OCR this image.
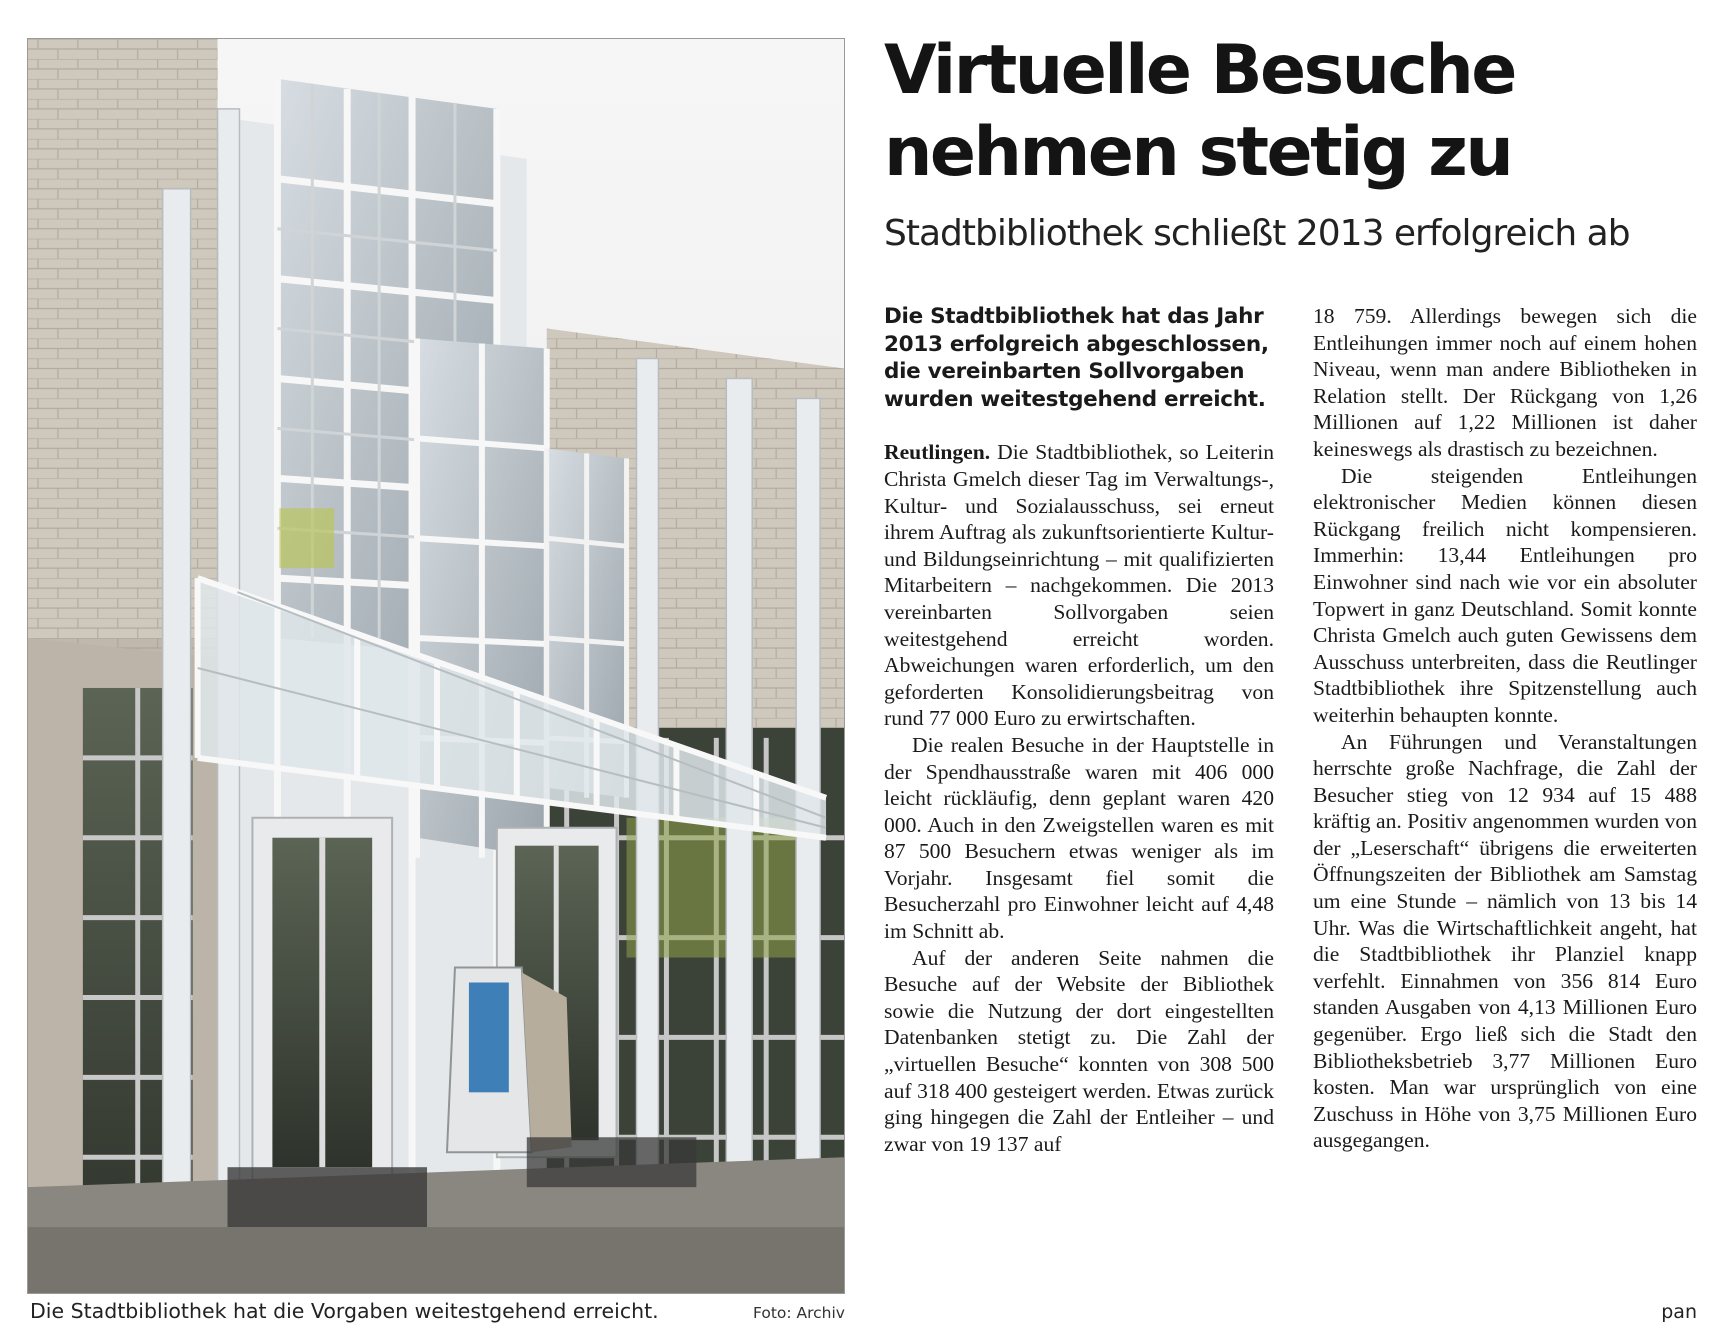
Die Stadtbibliothek hat die Vorgaben weitestgehend erreicht.	Foto: Archiv
Virtuelle Besuche
nehmen stetig zu
Stadtbibliothek schließt 2013 erfolgreich ab

Die Stadtbibliothek hat das Jahr 2013 erfolgreich abgeschlossen, die vereinbarten Sollvorgaben wurden weitestgehend erreicht.

Reutlingen. Die Stadtbibliothek, so Leiterin Christa Gmelch dieser Tag im Verwaltungs-, Kultur- und Sozialausschuss, sei erneut ihrem Auftrag als zukunftsorientierte Kultur- und Bildungseinrichtung – mit qualifizierten Mitarbeitern – nachgekommen. Die 2013 vereinbarten Sollvorgaben seien weitestgehend erreicht worden. Abweichungen waren erforderlich, um den geforderten Konsolidierungsbeitrag von rund 77 000 Euro zu erwirtschaften.

Die realen Besuche in der Hauptstelle in der Spendhausstraße waren mit 406 000 leicht rückläufig, denn geplant waren 420 000. Auch in den Zweigstellen waren es mit 87 500 Besuchern etwas weniger als im Vorjahr. Insgesamt fiel somit die Besucherzahl pro Einwohner leicht auf 4,48 im Schnitt ab.

Auf der anderen Seite nahmen die Besuche auf der Website der Bibliothek sowie die Nutzung der dort eingestellten Datenbanken stetigt zu. Die Zahl der „virtuellen Besuche“ konnten von 308 500 auf 318 400 gesteigert werden. Etwas zurück ging hingegen die Zahl der Entleiher – und zwar von 19 137 auf

18 759. Allerdings bewegen sich die Entleihungen immer noch auf einem hohen Niveau, wenn man andere Bibliotheken in Relation stellt. Der Rückgang von 1,26 Millionen auf 1,22 Millionen ist daher keineswegs als drastisch zu bezeichnen.

Die steigenden Entleihungen elektronischer Medien können diesen Rückgang freilich nicht kompensieren. Immerhin: 13,44 Entleihungen pro Einwohner sind nach wie vor ein absoluter Topwert in ganz Deutschland. Somit konnte Christa Gmelch auch guten Gewissens dem Ausschuss unterbreiten, dass die Reutlinger Stadtbibliothek ihre Spitzenstellung auch weiterhin behaupten konnte.

An Führungen und Veranstaltungen herrschte große Nachfrage, die Zahl der Besucher stieg von 12 934 auf 15 488 kräftig an. Positiv angenommen wurden von der „Leserschaft“ übrigens die erweiterten Öffnungszeiten der Bibliothek am Samstag um eine Stunde – nämlich von 13 bis 14 Uhr. Was die Wirtschaftlichkeit angeht, hat die Stadtbibliothek ihr Planziel knapp verfehlt. Einnahmen von 356 814 Euro standen Ausgaben von 4,13 Millionen Euro gegenüber. Ergo ließ sich die Stadt den Bibliotheksbetrieb 3,77 Millionen Euro kosten. Man war ursprünglich von eine Zuschuss in Höhe von 3,75 Millionen Euro ausgegangen.

pan
